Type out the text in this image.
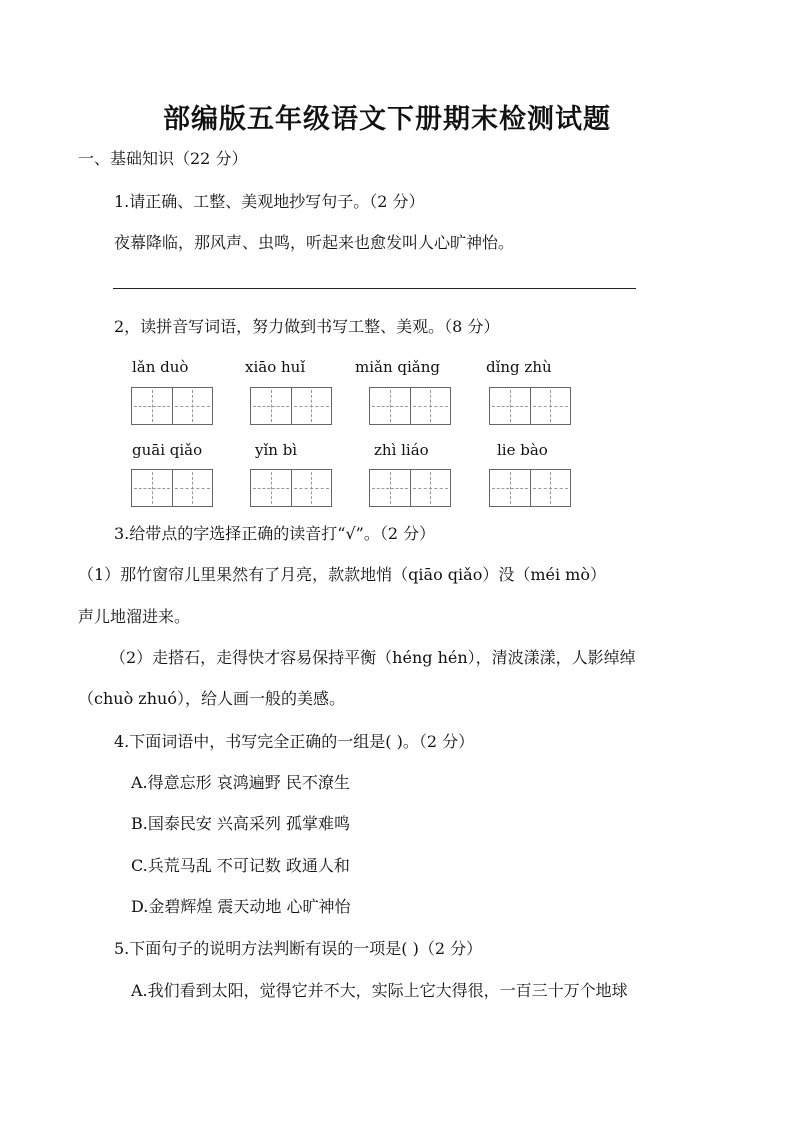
部编版五年级语文下册期末检测试题
一、基础知识（22 分）
1.请正确、工整、美观地抄写句子。（2 分）
夜幕降临，那风声、虫鸣，听起来也愈发叫人心旷神怡。
2，读拼音写词语，努力做到书写工整、美观。（8 分）
lǎn duò	xiāo huǐ	miǎn qiǎng	dǐng zhù
guāi qiǎo	yǐn bì	zhì liáo	lie bào
3.给带点的字选择正确的读音打“√”。（2 分）
（1）那竹窗帘儿里果然有了月亮，款款地悄（qiāo qiǎo）没（méi mò）
声儿地溜进来。
（2）走搭石，走得快才容易保持平衡（héng hén），清波漾漾，人影绰绰
（chuò zhuó），给人画一般的美感。
4.下面词语中，书写完全正确的一组是( )。（2 分）
A.得意忘形 哀鸿遍野 民不潦生
B.国泰民安 兴高采列 孤掌难鸣
C.兵荒马乱 不可记数 政通人和
D.金碧辉煌 震天动地 心旷神怡
5.下面句子的说明方法判断有误的一项是( )（2 分）
A.我们看到太阳，觉得它并不大，实际上它大得很，一百三十万个地球
